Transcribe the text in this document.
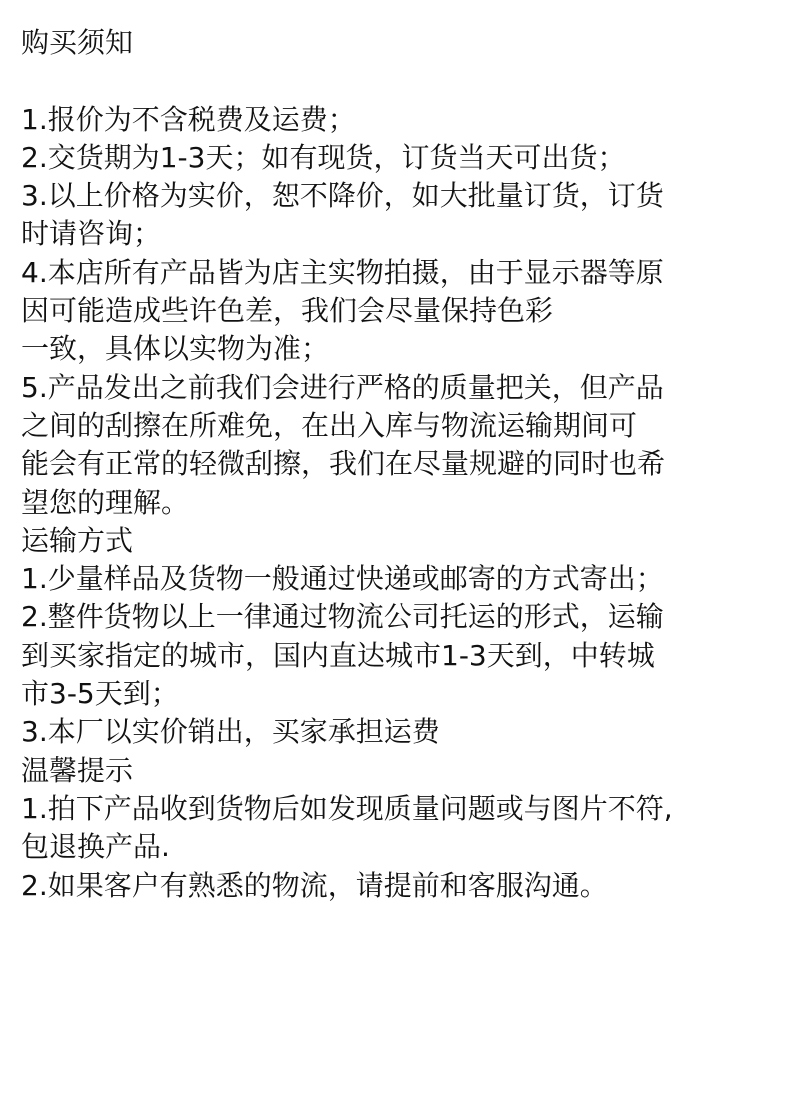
购买须知
1.报价为不含税费及运费；
2.交货期为1-3天；如有现货，订货当天可出货；
3.以上价格为实价，恕不降价，如大批量订货，订货
时请咨询；
4.本店所有产品皆为店主实物拍摄，由于显示器等原
因可能造成些许色差，我们会尽量保持色彩
一致，具体以实物为准；
5.产品发出之前我们会进行严格的质量把关，但产品
之间的刮擦在所难免，在出入库与物流运输期间可
能会有正常的轻微刮擦，我们在尽量规避的同时也希
望您的理解。
运输方式
1.少量样品及货物一般通过快递或邮寄的方式寄出；
2.整件货物以上一律通过物流公司托运的形式，运输
到买家指定的城市，国内直达城市1-3天到，中转城
市3-5天到；
3.本厂以实价销出，买家承担运费
温馨提示
1.拍下产品收到货物后如发现质量问题或与图片不符,
包退换产品.
2.如果客户有熟悉的物流，请提前和客服沟通。
